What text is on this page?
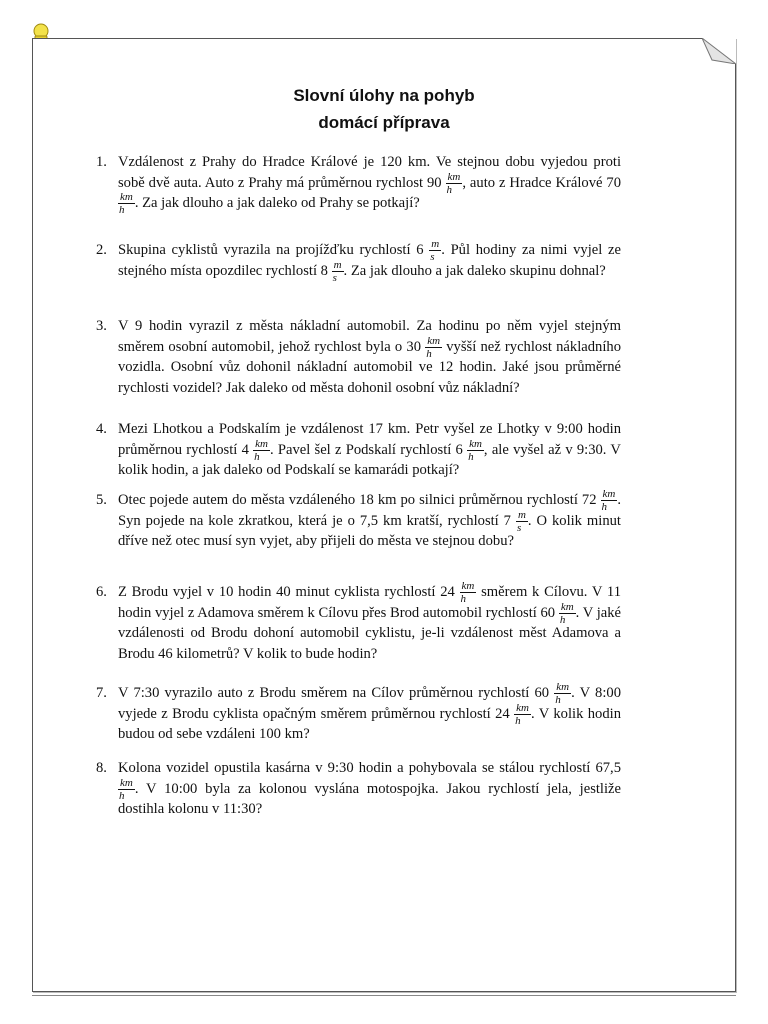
Slovní úlohy na pohyb
domácí příprava
1. Vzdálenost z Prahy do Hradce Králové je 120 km. Ve stejnou dobu vyjedou proti sobě dvě auta. Auto z Prahy má průměrnou rychlost $90 \frac{km}{h}$ , auto z Hradce Králové 70
$\frac{km}{h}$ . Za jak dlouho a jak daleko od Prahy se potkají?
2. Skupina cyklistů vyrazila na projížďku rychlostí $6 \frac{m}{s}$ . Půl hodiny za nimi vyjel ze stejného místa opozdilec rychlostí $8 \frac{m}{s}$ . Za jak dlouho a jak daleko skupinu dohnal?
3. V 9 hodin vyrazil z města nákladní automobil. Za hodinu po něm vyjel stejným směrem osobní automobil, jehož rychlost byla o $30 \frac{km}{h}$ vyšší než rychlost nákladního vozidla. Osobní vůz dohonil nákladní automobil ve 12 hodin. Jaké jsou průměrné rychlosti vozidel? Jak daleko od města dohonil osobní vůz nákladní?
4. Mezi Lhotkou a Podskalím je vzdálenost 17 km. Petr vyšel ze Lhotky v 9:00 hodin průměrnou rychlostí $4 \frac{km}{h}$ . Pavel šel z Podskalí rychlostí $6 \frac{km}{h}$ , ale vyšel až v 9:30. V kolik hodin, a jak daleko od Podskalí se kamarádi potkají?
5. Otec pojede autem do města vzdáleného 18 km po silnici průměrnou rychlostí $72 \frac{km}{h}$ . Syn pojede na kole zkratkou, která je o 7,5 km kratší, rychlostí $7 \frac{m}{s}$ . O kolik minut dříve než otec musí syn vyjet, aby přijeli do města ve stejnou dobu?
6. Z Brodu vyjel v 10 hodin 40 minut cyklista rychlostí $24 \frac{km}{h}$ směrem k Cílovu. V 11 hodin vyjel z Adamova směrem k Cílovu přes Brod automobil rychlostí $60 \frac{km}{h}$ . V jaké vzdálenosti od Brodu dohoní automobil cyklistu, je-li vzdálenost měst Adamova a Brodu 46 kilometrů? V kolik to bude hodin?
7. V 7:30 vyrazilo auto z Brodu směrem na Cílov průměrnou rychlostí $60 \frac{km}{h}$ . V 8:00 vyjede z Brodu cyklista opačným směrem průměrnou rychlostí $24 \frac{km}{h}$ . V kolik hodin budou od sebe vzdáleni 100 km?
8. Kolona vozidel opustila kasárna v 9:30 hodin a pohybovala se stálou rychlostí 67,5
$\frac{km}{h}$ . V 10:00 byla za kolonou vyslána motospojka. Jakou rychlostí jela, jestliže dostihla kolonu v 11:30?
